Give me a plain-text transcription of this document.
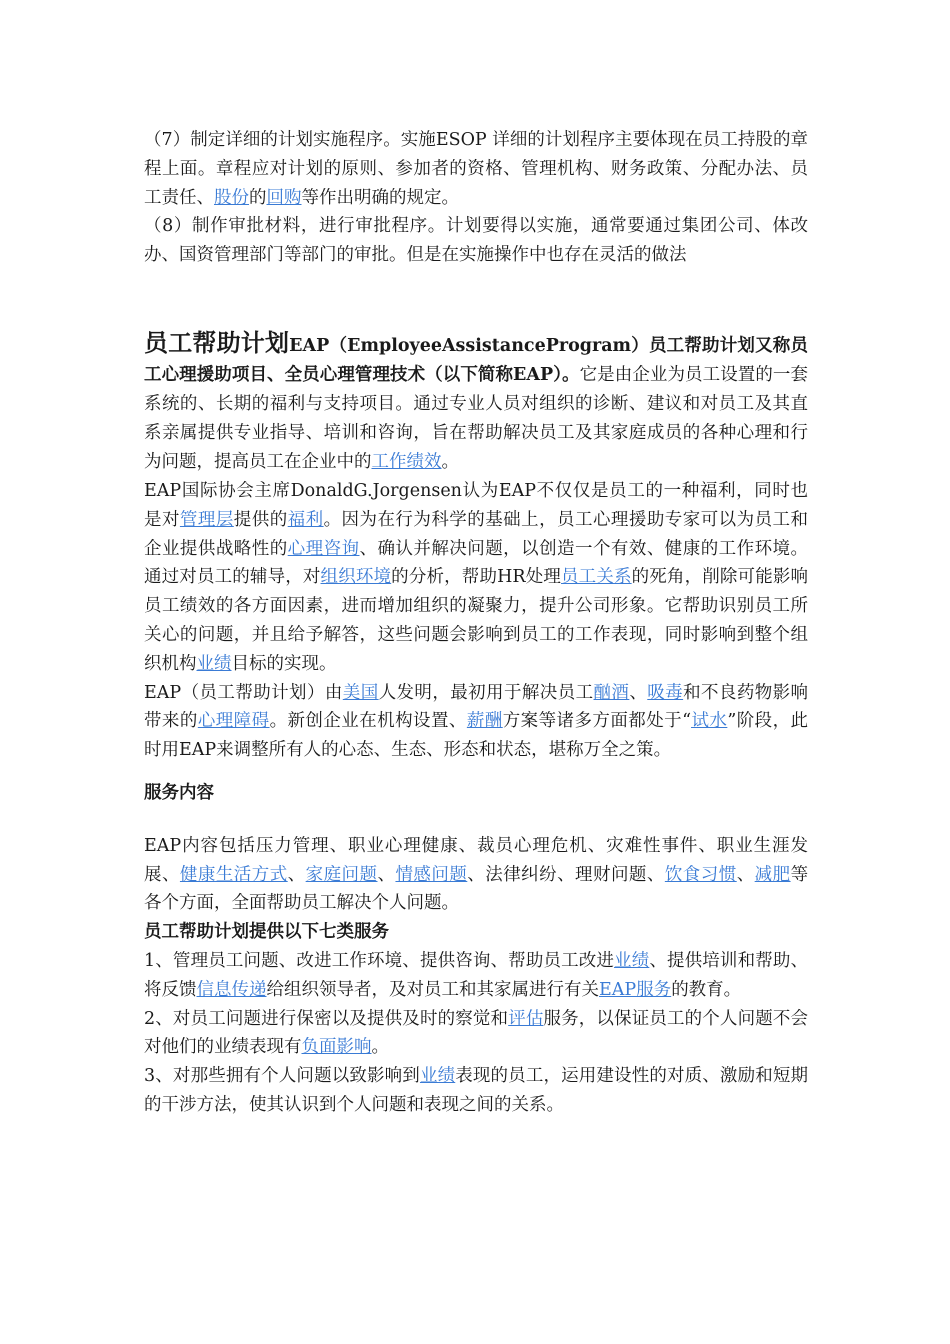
（7）制定详细的计划实施程序。实施ESOP 详细的计划程序主要体现在员工持股的章程上面。章程应对计划的原则、参加者的资格、管理机构、财务政策、分配办法、员工责任、股份的回购等作出明确的规定。

（8）制作审批材料，进行审批程序。计划要得以实施，通常要通过集团公司、体改办、国资管理部门等部门的审批。但是在实施操作中也存在灵活的做法

员工帮助计划EAP（EmployeeAssistanceProgram）员工帮助计划又称员工心理援助项目、全员心理管理技术（以下简称EAP）。它是由企业为员工设置的一套系统的、长期的福利与支持项目。通过专业人员对组织的诊断、建议和对员工及其直系亲属提供专业指导、培训和咨询，旨在帮助解决员工及其家庭成员的各种心理和行为问题，提高员工在企业中的工作绩效。

EAP国际协会主席DonaldG.Jorgensen认为EAP不仅仅是员工的一种福利，同时也是对管理层提供的福利。因为在行为科学的基础上，员工心理援助专家可以为员工和企业提供战略性的心理咨询、确认并解决问题，以创造一个有效、健康的工作环境。通过对员工的辅导，对组织环境的分析，帮助HR处理员工关系的死角，削除可能影响员工绩效的各方面因素，进而增加组织的凝聚力，提升公司形象。它帮助识别员工所关心的问题，并且给予解答，这些问题会影响到员工的工作表现，同时影响到整个组织机构业绩目标的实现。

EAP（员工帮助计划）由美国人发明，最初用于解决员工酗酒、吸毒和不良药物影响带来的心理障碍。新创企业在机构设置、薪酬方案等诸多方面都处于“试水”阶段，此时用EAP来调整所有人的心态、生态、形态和状态，堪称万全之策。

服务内容

EAP内容包括压力管理、职业心理健康、裁员心理危机、灾难性事件、职业生涯发展、健康生活方式、家庭问题、情感问题、法律纠纷、理财问题、饮食习惯、减肥等各个方面，全面帮助员工解决个人问题。

员工帮助计划提供以下七类服务

1、管理员工问题、改进工作环境、提供咨询、帮助员工改进业绩、提供培训和帮助、将反馈信息传递给组织领导者，及对员工和其家属进行有关EAP服务的教育。

2、对员工问题进行保密以及提供及时的察觉和评估服务，以保证员工的个人问题不会对他们的业绩表现有负面影响。

3、对那些拥有个人问题以致影响到业绩表现的员工，运用建设性的对质、激励和短期的干涉方法，使其认识到个人问题和表现之间的关系。
